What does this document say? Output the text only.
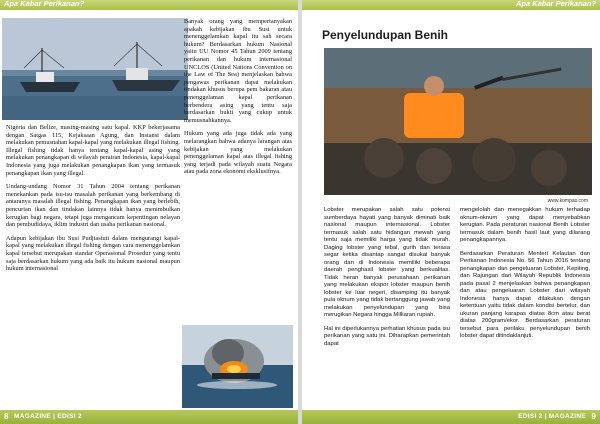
Apa Kabar Perikanan?

Nigeria dan Belize, masing-masing satu kapal. KKP bekerjasama dengan Satgas 115, Kejaksaan Agung, dan Instansi dalam melakukan pemusnahan kapal-kapal yang melakukan illegal fishing. Illegal fishing tidak hanya tentang kapal-kapal asing yang melakukan penangkapan di wilayah perairan Indonesia, kapal-kapal Indonesia yang juga melakukan penangkapan ikan yang termasuk penangkapan ikan yang illegal.

Undang-undang Nomor 31 Tahun 2004 tentang perikanan menekankan pada isu-isu masalah perikanan yang berkembang di antaranya masalah illegal fishing. Penangkapan ikan yang berlebih, pencurian ikan dan tindakan lainnya tidak hanya menimbulkan kerugian bagi negara, tetapi juga mengancam kepentingan nelayan dan pembudidaya, iklim industri dan usaha perikanan nasional.

Adapun kebijakan ibu Susi Pudjiastuti dalam mengurangi kapal-kapal yang melakukan illegal fishing dengan cara menenggelamkan kapal tersebut merupakan standar Operasional Prosedur yang tentu saja berdasarkan hukum yang ada baik itu hukum nasional maupun hukum internasional

Banyak orang yang mempertanyakan apakah kebijakan ibu Susi untuk menenggelamkan kapal itu sah secara hukum? Berdasarkan hukum Nasional yaitu UU Nomor 45 Tahun 2009 tentang perikanan dan hukum internasional UNCLOS (United Nations Convention on the Law of The Sea) menjelaskan bahwa pengawas perikanan dapat melakukan tindakan khusus berupa pem bakaran atau penenggelaman kapal perikanan berbendera asing yang tentu saja berdasarkan bukti yang cukup untuk memusnahkannya.

Hukum yang ada juga tidak ada yang melarangkan bahwa adanya larangan atas kebijakan yang melakukan penenggelaman kapal atas illegal fishing yang terjadi pada wilayah suatu Negara atau pada zona ekonomi eksklusifnya.

8 MAGAZINE | EDISI 2
Apa Kabar Perikanan?
Penyelundupan Benih
www.kompas.com

Lobster merupakan salah satu potensi sumberdaya hayati yang banyak diminati baik nasional maupun internasional. Lobster termasuk salah satu hidangan mewah yang tentu saja memiliki harga yang tidak murah. Daging lobster yang tebal, gurih dan terasa segar ketika disantap sangat disukai banyak orang dan di Indonesia memiliki beberapa daerah penghasil lobster yang berkualitas. Tidak heran banyak perusahaan perikanan yang melakukan ekspor lobster maupun benih lobster ke luar negeri, disamping itu banyak pula oknum yang tidak bertanggung jawab yang melakukan penyelundupan yang bisa merugikan Negara hingga Milliaran rupiah.

Hal ini diperlukannya perhatian khusus pada isu perikanan yang satu ini. Diharapkan pemerintah dapat

mengelolah dan menegakkan hukum terhadap oknum-oknum yang dapat menyebabkan kerugian. Pada peraturan nasional Benih Lobster termasuk dalam benih hasil laut yang dilarang penangkapannya.

Berdasarkan Peraturan Menteri Kelautan dan Perikanan Indonesia No. 56 Tahun 2016 tentang penangkapan dan pengeluaran Lobster, Kepiting, dan Rajungan dari Wilayah Republik Indonesia pada pasal 2 menjelaskan bahwa penangkapan dan atau pengeluaran Lobster dari wilayah Indonesia hanya dapat dilakukan dengan ketentuan yaitu tidak dalam kondisi bertelur, dan ukuran panjang karapas diatas 8cm atau berat diatas 200gram/ekor. Berdasarkan peraturan tersebut para perilaku penyelundupan benih lobster dapat ditindaklanjuti.

EDISI 2 | MAGAZINE 9
